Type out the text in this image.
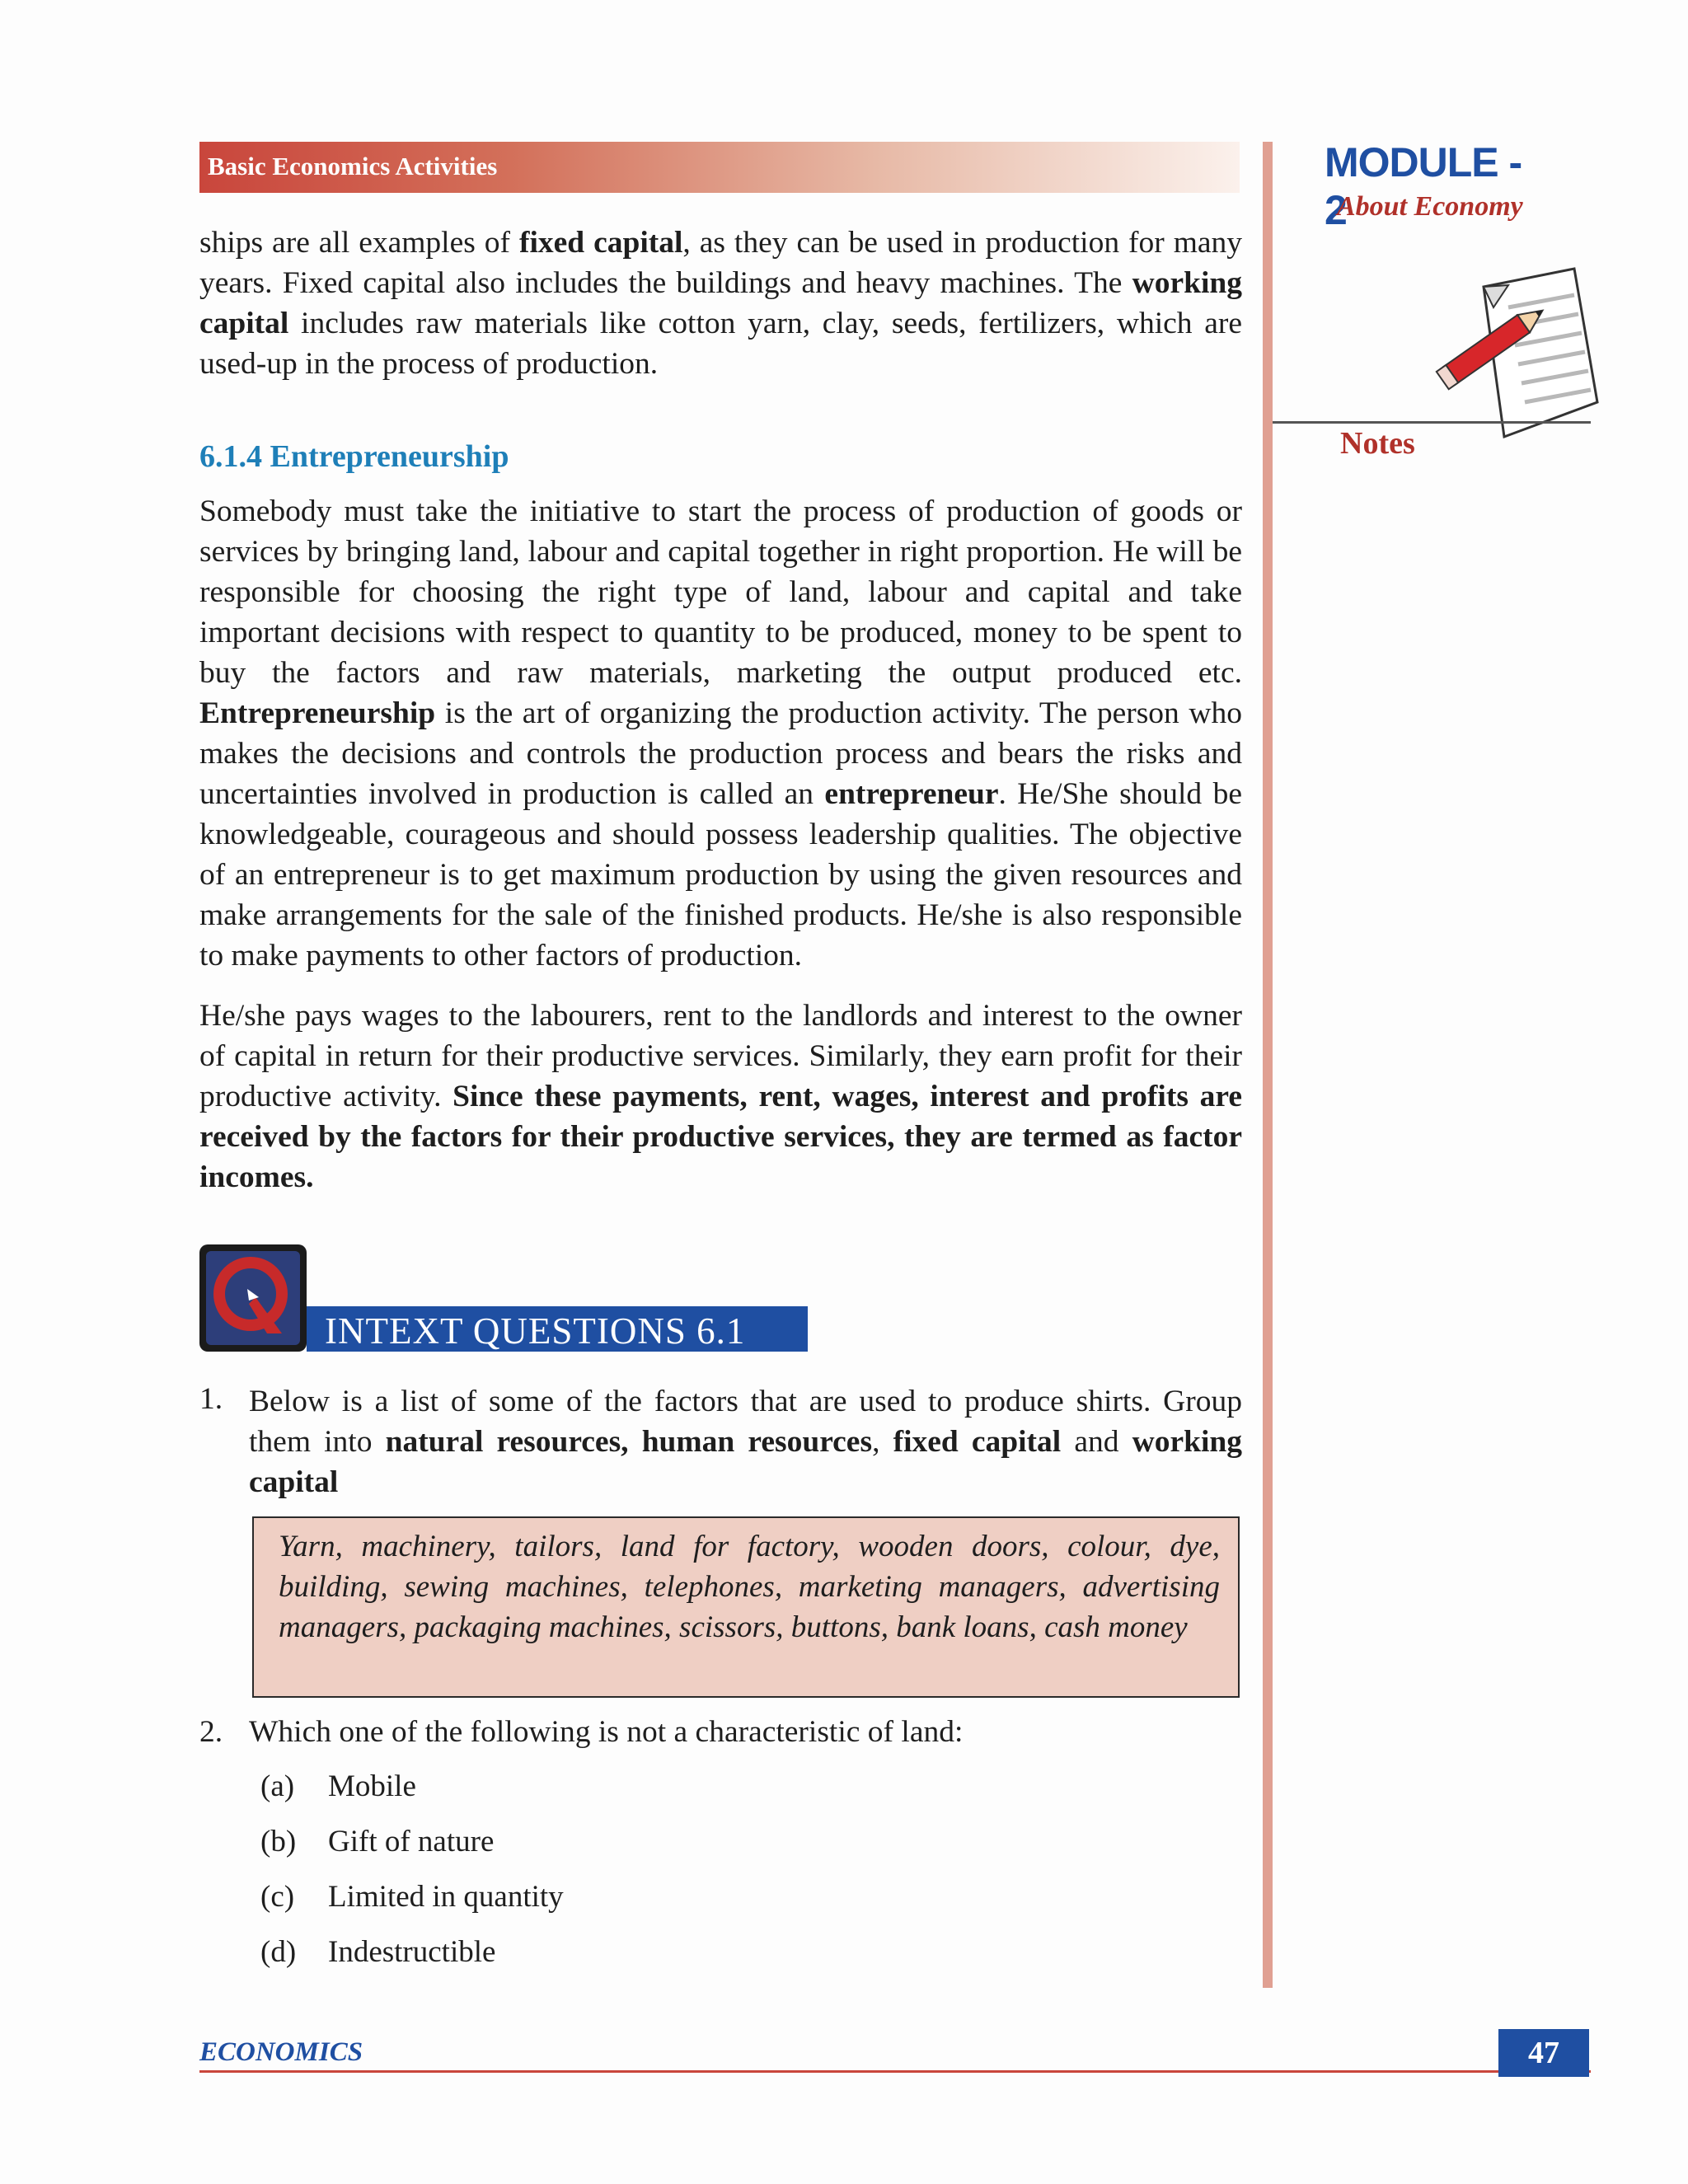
Basic Economics Activities	MODULE - 2
About Economy
Notes

ships are all examples of fixed capital, as they can be used in production for many years. Fixed capital also includes the buildings and heavy machines. The working capital includes raw materials like cotton yarn, clay, seeds, fertilizers, which are used-up in the process of production.

6.1.4 Entrepreneurship

Somebody must take the initiative to start the process of production of goods or services by bringing land, labour and capital together in right proportion. He will be responsible for choosing the right type of land, labour and capital and take important decisions with respect to quantity to be produced, money to be spent to buy the factors and raw materials, marketing the output produced etc. Entrepreneurship is the art of organizing the production activity. The person who makes the decisions and controls the production process and bears the risks and uncertainties involved in production is called an entrepreneur. He/She should be knowledgeable, courageous and should possess leadership qualities. The objective of an entrepreneur is to get maximum production by using the given resources and make arrangements for the sale of the finished products. He/she is also responsible to make payments to other factors of production.

He/she pays wages to the labourers, rent to the landlords and interest to the owner of capital in return for their productive services. Similarly, they earn profit for their productive activity. Since these payments, rent, wages, interest and profits are received by the factors for their productive services, they are termed as factor incomes.

INTEXT QUESTIONS 6.1
1. Below is a list of some of the factors that are used to produce shirts. Group them into natural resources, human resources, fixed capital and working capital

Yarn, machinery, tailors, land for factory, wooden doors, colour, dye, building, sewing machines, telephones, marketing managers, advertising managers, packaging machines, scissors, buttons, bank loans, cash money

2. Which one of the following is not a characteristic of land:
(a) Mobile
(b) Gift of nature
(c) Limited in quantity
(d) Indestructible
ECONOMICS	47
